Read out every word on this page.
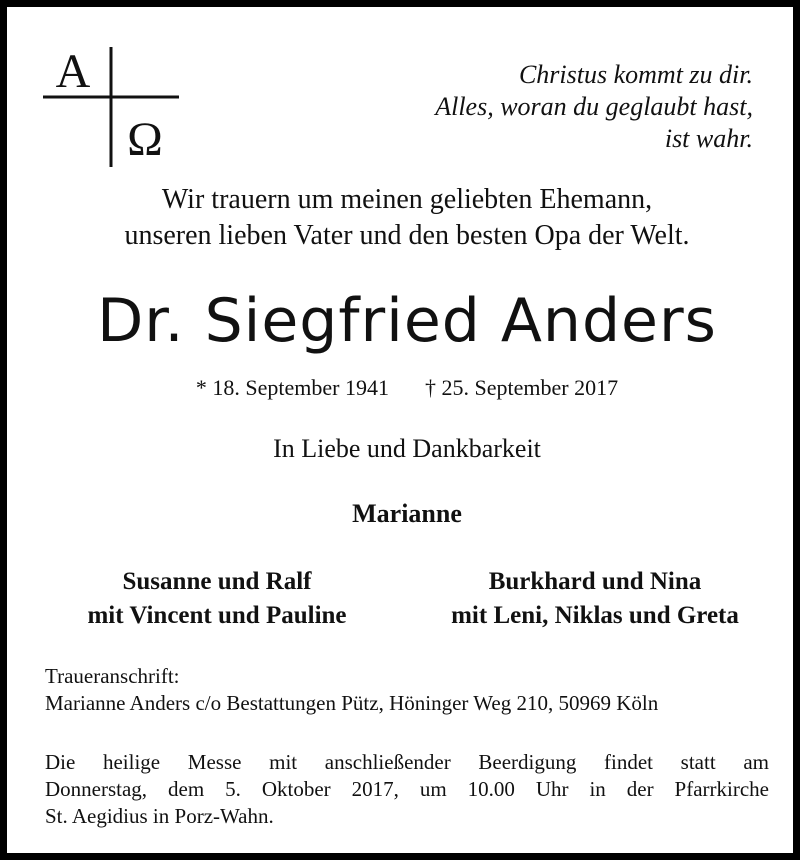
A
Ω
Christus kommt zu dir.
Alles, woran du geglaubt hast,
ist wahr.
Wir trauern um meinen geliebten Ehemann,
unseren lieben Vater und den besten Opa der Welt.
Dr. Siegfried Anders
* 18. September 1941 † 25. September 2017
In Liebe und Dankbarkeit
Marianne
Susanne und Ralf
mit Vincent und Pauline
Burkhard und Nina
mit Leni, Niklas und Greta
Traueranschrift:
Marianne Anders c/o Bestattungen Pütz, Höninger Weg 210, 50969 Köln
Die heilige Messe mit anschließender Beerdigung findet statt am
Donnerstag, dem 5. Oktober 2017, um 10.00 Uhr in der Pfarrkirche
St. Aegidius in Porz-Wahn.
